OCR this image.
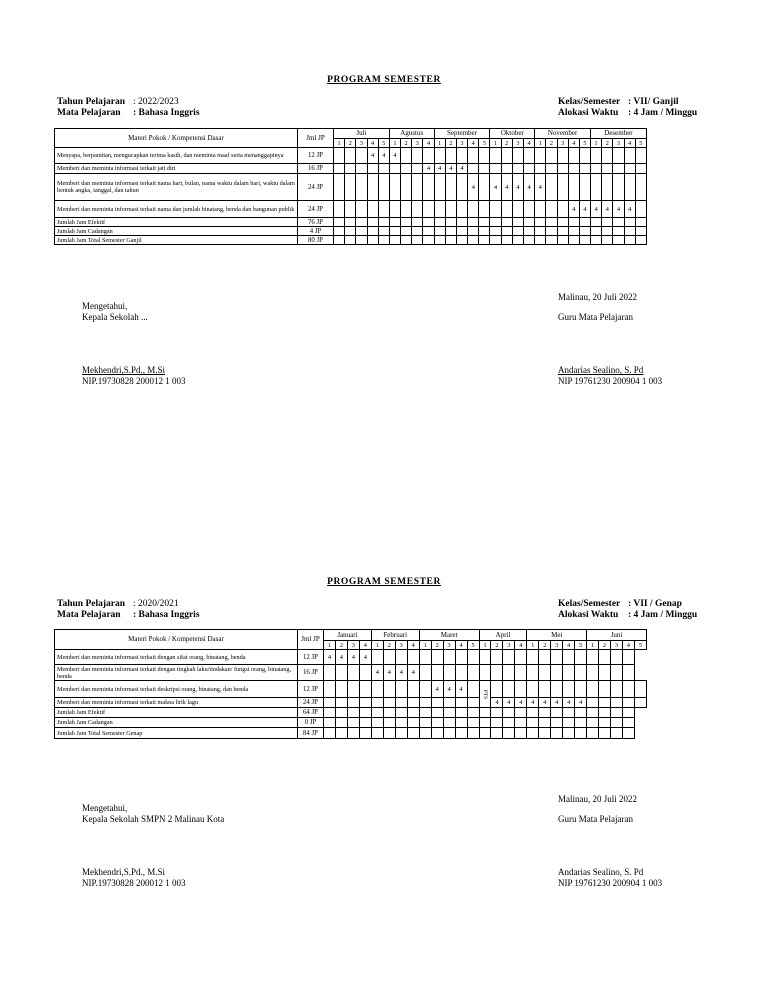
PROGRAM SEMESTER
Tahun Pelajaran : 2022/2023
Mata Pelajaran : Bahasa Inggris
Kelas/Semester : VII/ Ganjil
Alokasi Waktu : 4 Jam / Minggu
Materi Pokok / Kompetensi Dasar	Jml JP	Juli					Agustus				September					Oktober				November					Desember				
		1	2	3	4	5	1	2	3	4	1	2	3	4	5	1	2	3	4	1	2	3	4	5	1	2	3	4	5
Menyapa, berpamitan, mengucapkan terima kasih, dan meminta maaf serta menanggapinya	12 JP				4	4	4																						
Memberi dan meminta informasi terkait jati diri	16 JP									4	4	4	4																
Memberi dan meminta informasi terkait nama hari, bulan, nama waktu dalam hari, waktu dalam bentuk angka, tanggal, dan tahun	24 JP													4		4	4	4	4	4									
Memberi dan meminta informasi terkait nama dan jumlah binatang, benda dan bangunan publik	24 JP																						4	4	4	4	4	4	
Jumlah Jam Efektif	76 JP																												
Jumlah Jam Cadangan	4 JP																												
Jumlah Jam Total Semester Ganjil	80 JP																												
Malinau, 20 Juli 2022
Mengetahui,
Kepala Sekolah ...	Guru Mata Pelajaran
Mekhendri,S.Pd., M.Si
NIP.19730828 200012 1 003
Andarias Sealino, S. Pd
NIP 19761230 200904 1 003
PROGRAM SEMESTER
Tahun Pelajaran : 2020/2021
Mata Pelajaran : Bahasa Inggris
Kelas/Semester : VII / Genap
Alokasi Waktu : 4 Jam / Minggu
Materi Pokok / Kompetensi Dasar	Jml JP	Januari				Februari				Maret					April				Mei					Juni				
		1	2	3	4	1	2	3	4	1	2	3	4	5	1	2	3	4	1	2	3	4	5	1	2	3	4	5
Memberi dan meminta informasi terkait dengan sifat orang, binatang, benda	12 JP	4	4	4	4																							
Memberi dan meminta informasi terkait dengan tingkah laku/tindakan/ fungsi orang, binatang, benda	16 JP					4	4	4	4																			
Memberi dan meminta informasi terkait deskripsi orang, binatang, dan benda	12 JP										4	4	4		PTS													
Memberi dan meminta informasi terkait makna lirik lagu	24 JP															4	4	4	4	4	4	4	4					
Jumlah Jam Efektif	64 JP																											
Jumlah Jam Cadangan	0 JP																											
Jumlah Jam Total Semester Genap	84 JP																											
Malinau, 20 Juli 2022
Mengetahui,
Kepala Sekolah SMPN 2 Malinau Kota	Guru Mata Pelajaran
Mekhendri,S.Pd., M.Si
NIP.19730828 200012 1 003
Andarias Sealino, S. Pd
NIP 19761230 200904 1 003
